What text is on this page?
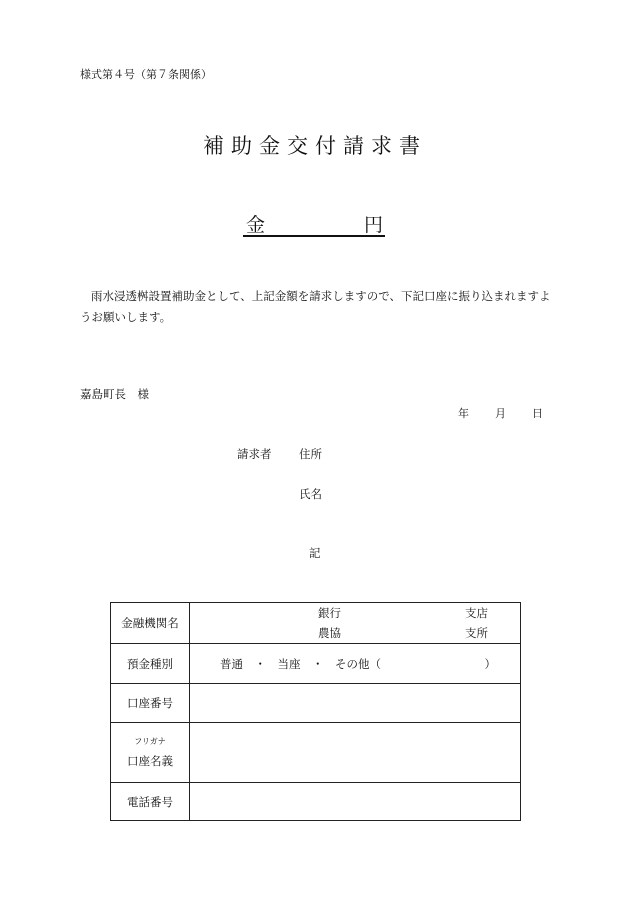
様式第４号（第７条関係）
補助金交付請求書
金	円
雨水浸透桝設置補助金として、上記金額を請求しますので、下記口座に振り込まれますようお願いします。
嘉島町長　様
年 月 日
請求者 住所
氏名
記
金融機関名	銀行 支店
農協 支所

預金種別	普通　・　当座　・　その他（　　　　　　　　　）
口座番号	

フリガナ
口座名義	
電話番号	
